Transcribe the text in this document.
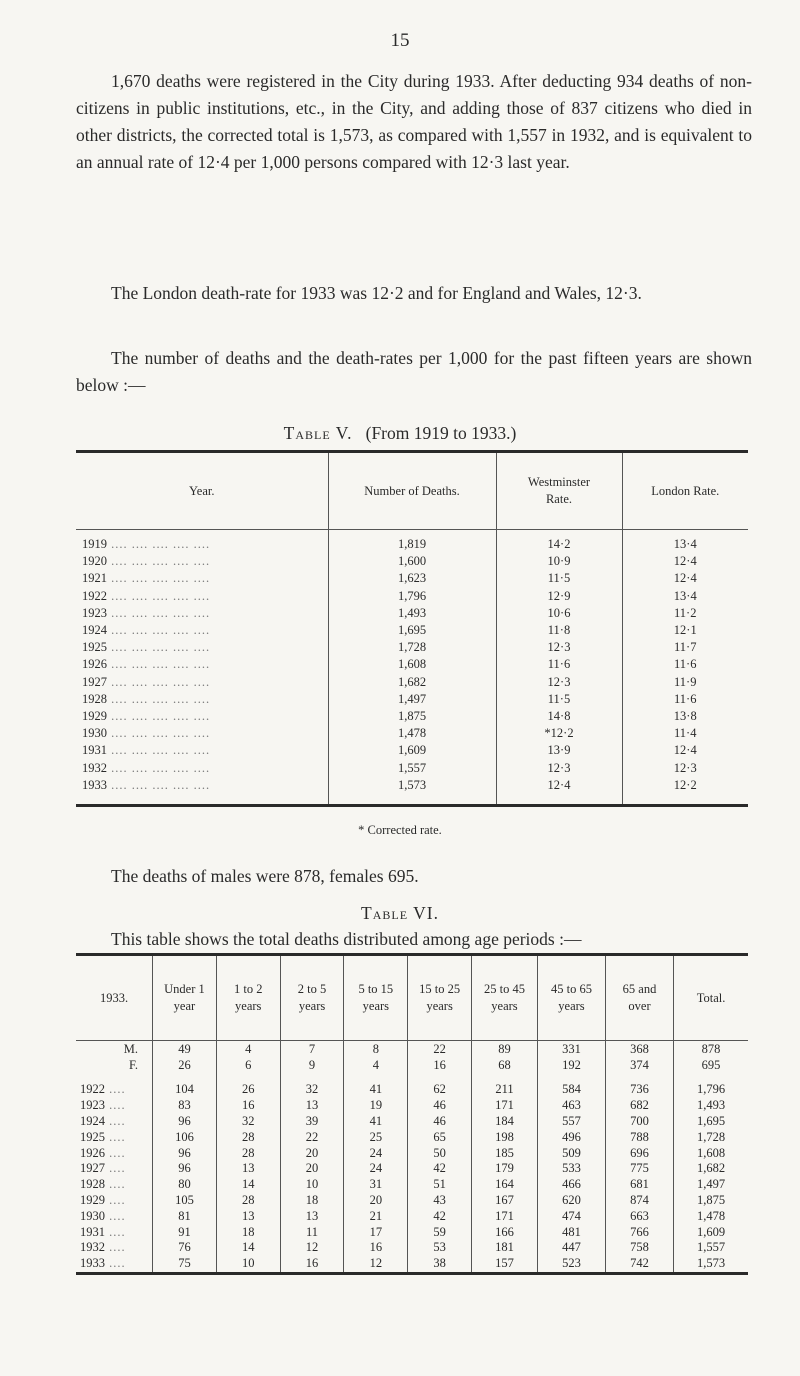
15

1,670 deaths were registered in the City during 1933. After deducting 934 deaths of non-citizens in public institutions, etc., in the City, and adding those of 837 citizens who died in other districts, the corrected total is 1,573, as compared with 1,557 in 1932, and is equivalent to an annual rate of 12·4 per 1,000 persons compared with 12·3 last year.

The London death-rate for 1933 was 12·2 and for England and Wales, 12·3.

The number of deaths and the death-rates per 1,000 for the past fifteen years are shown below :—

Table V. (From 1919 to 1933.)
Year.	Number of Deaths.	Westminster Rate.	London Rate.
1919 .... .... .... .... ....	1,819	14·2	13·4
1920 .... .... .... .... ....	1,600	10·9	12·4
1921 .... .... .... .... ....	1,623	11·5	12·4
1922 .... .... .... .... ....	1,796	12·9	13·4
1923 .... .... .... .... ....	1,493	10·6	11·2
1924 .... .... .... .... ....	1,695	11·8	12·1
1925 .... .... .... .... ....	1,728	12·3	11·7
1926 .... .... .... .... ....	1,608	11·6	11·6
1927 .... .... .... .... ....	1,682	12·3	11·9
1928 .... .... .... .... ....	1,497	11·5	11·6
1929 .... .... .... .... ....	1,875	14·8	13·8
1930 .... .... .... .... ....	1,478	*12·2	11·4
1931 .... .... .... .... ....	1,609	13·9	12·4
1932 .... .... .... .... ....	1,557	12·3	12·3
1933 .... .... .... .... ....	1,573	12·4	12·2
* Corrected rate.

The deaths of males were 878, females 695.

Table VI.

This table shows the total deaths distributed among age periods :—

1933.	Under 1 year	1 to 2 years	2 to 5 years	5 to 15 years	15 to 25 years	25 to 45 years	45 to 65 years	65 and over	Total.
M.	49	4	7	8	22	89	331	368	878
F.	26	6	9	4	16	68	192	374	695
1922 ....	104	26	32	41	62	211	584	736	1,796
1923 ....	83	16	13	19	46	171	463	682	1,493
1924 ....	96	32	39	41	46	184	557	700	1,695
1925 ....	106	28	22	25	65	198	496	788	1,728
1926 ....	96	28	20	24	50	185	509	696	1,608
1927 ....	96	13	20	24	42	179	533	775	1,682
1928 ....	80	14	10	31	51	164	466	681	1,497
1929 ....	105	28	18	20	43	167	620	874	1,875
1930 ....	81	13	13	21	42	171	474	663	1,478
1931 ....	91	18	11	17	59	166	481	766	1,609
1932 ....	76	14	12	16	53	181	447	758	1,557
1933 ....	75	10	16	12	38	157	523	742	1,573
